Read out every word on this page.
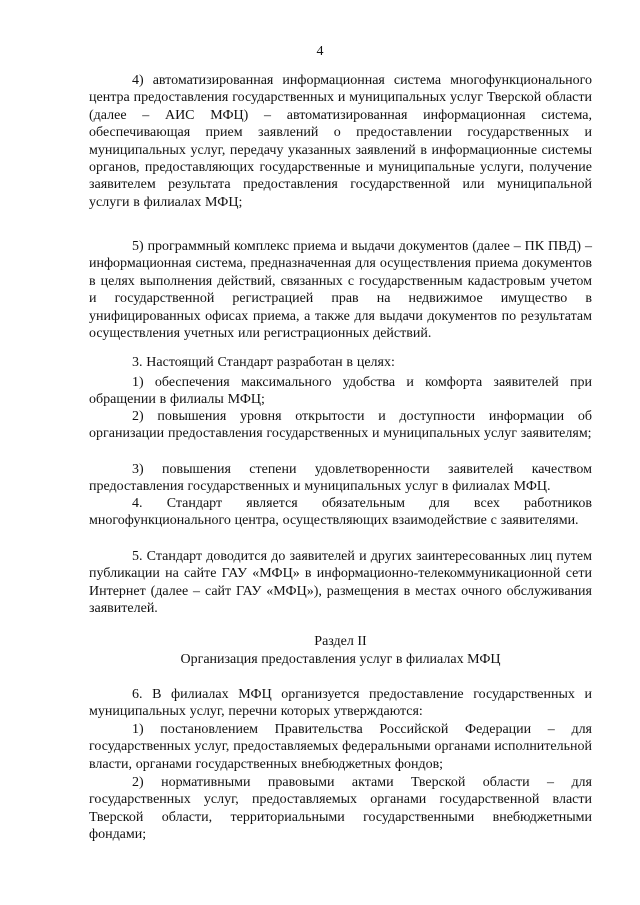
4

4) автоматизированная информационная система многофункционального центра предоставления государственных и муниципальных услуг Тверской области (далее – АИС МФЦ) – автоматизированная информационная система, обеспечивающая прием заявлений о предоставлении государственных и муниципальных услуг, передачу указанных заявлений в информационные системы органов, предоставляющих государственные и муниципальные услуги, получение заявителем результата предоставления государственной или муниципальной услуги в филиалах МФЦ;

5) программный комплекс приема и выдачи документов (далее – ПК ПВД) – информационная система, предназначенная для осуществления приема документов в целях выполнения действий, связанных с государственным кадастровым учетом и государственной регистрацией прав на недвижимое имущество в унифицированных офисах приема, а также для выдачи документов по результатам осуществления учетных или регистрационных действий.

3. Настоящий Стандарт разработан в целях:

1) обеспечения максимального удобства и комфорта заявителей при обращении в филиалы МФЦ;

2) повышения уровня открытости и доступности информации об организации предоставления государственных и муниципальных услуг заявителям;

3) повышения степени удовлетворенности заявителей качеством предоставления государственных и муниципальных услуг в филиалах МФЦ.

4. Стандарт является обязательным для всех работников многофункционального центра, осуществляющих взаимодействие с заявителями.

5. Стандарт доводится до заявителей и других заинтересованных лиц путем публикации на сайте ГАУ «МФЦ» в информационно-телекоммуникационной сети Интернет (далее – сайт ГАУ «МФЦ»), размещения в местах очного обслуживания заявителей.

Раздел II
Организация предоставления услуг в филиалах МФЦ

6. В филиалах МФЦ организуется предоставление государственных и муниципальных услуг, перечни которых утверждаются:

1) постановлением Правительства Российской Федерации – для государственных услуг, предоставляемых федеральными органами исполнительной власти, органами государственных внебюджетных фондов;

2) нормативными правовыми актами Тверской области – для государственных услуг, предоставляемых органами государственной власти Тверской области, территориальными государственными внебюджетными фондами;
